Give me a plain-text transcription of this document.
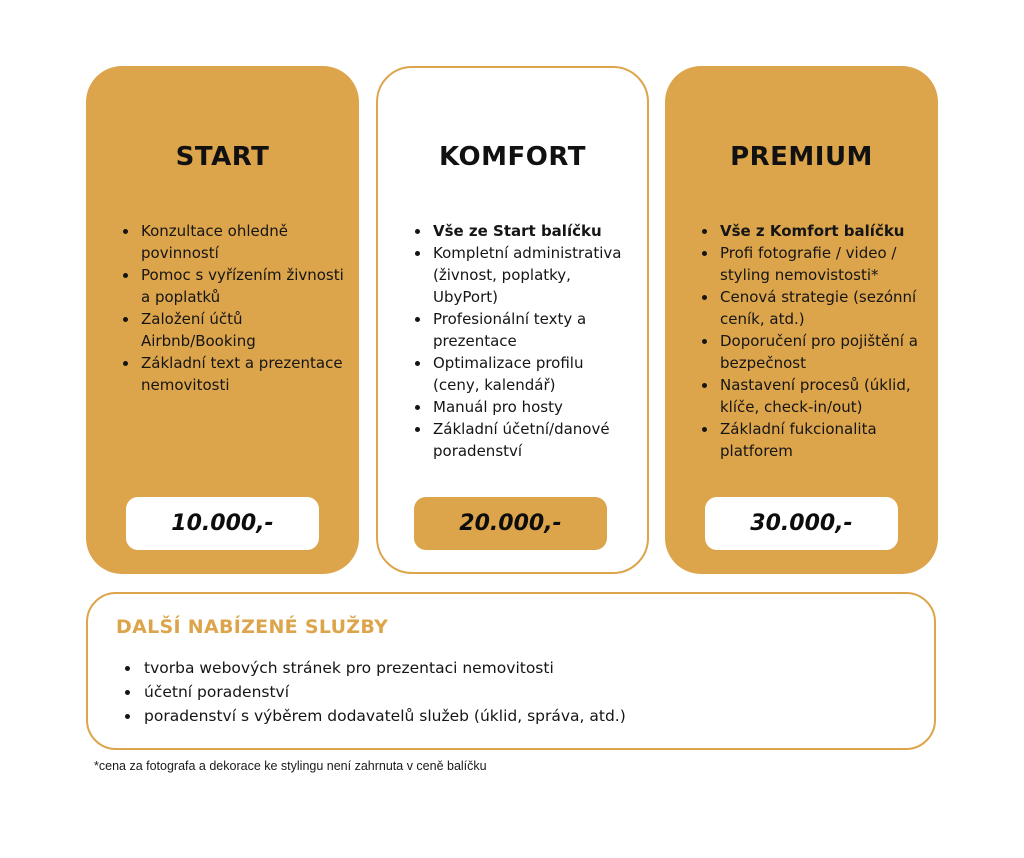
START
Konzultace ohledně povinností
Pomoc s vyřízením živnosti a poplatků
Založení účtů Airbnb/Booking
Základní text a prezentace nemovitosti
10.000,-
KOMFORT
Vše ze Start balíčku
Kompletní administrativa (živnost, poplatky, UbyPort)
Profesionální texty a prezentace
Optimalizace profilu (ceny, kalendář)
Manuál pro hosty
Základní účetní/danové poradenství
20.000,-
PREMIUM
Vše z Komfort balíčku
Profi fotografie / video / styling nemovistosti*
Cenová strategie (sezónní ceník, atd.)
Doporučení pro pojištění a bezpečnost
Nastavení procesů (úklid, klíče, check-in/out)
Základní fukcionalita platforem
30.000,-
DALŠÍ NABÍZENÉ SLUŽBY
tvorba webových stránek pro prezentaci nemovitosti
účetní poradenství
poradenství s výběrem dodavatelů služeb (úklid, správa, atd.)
*cena za fotografa a dekorace ke stylingu není zahrnuta v ceně balíčku
